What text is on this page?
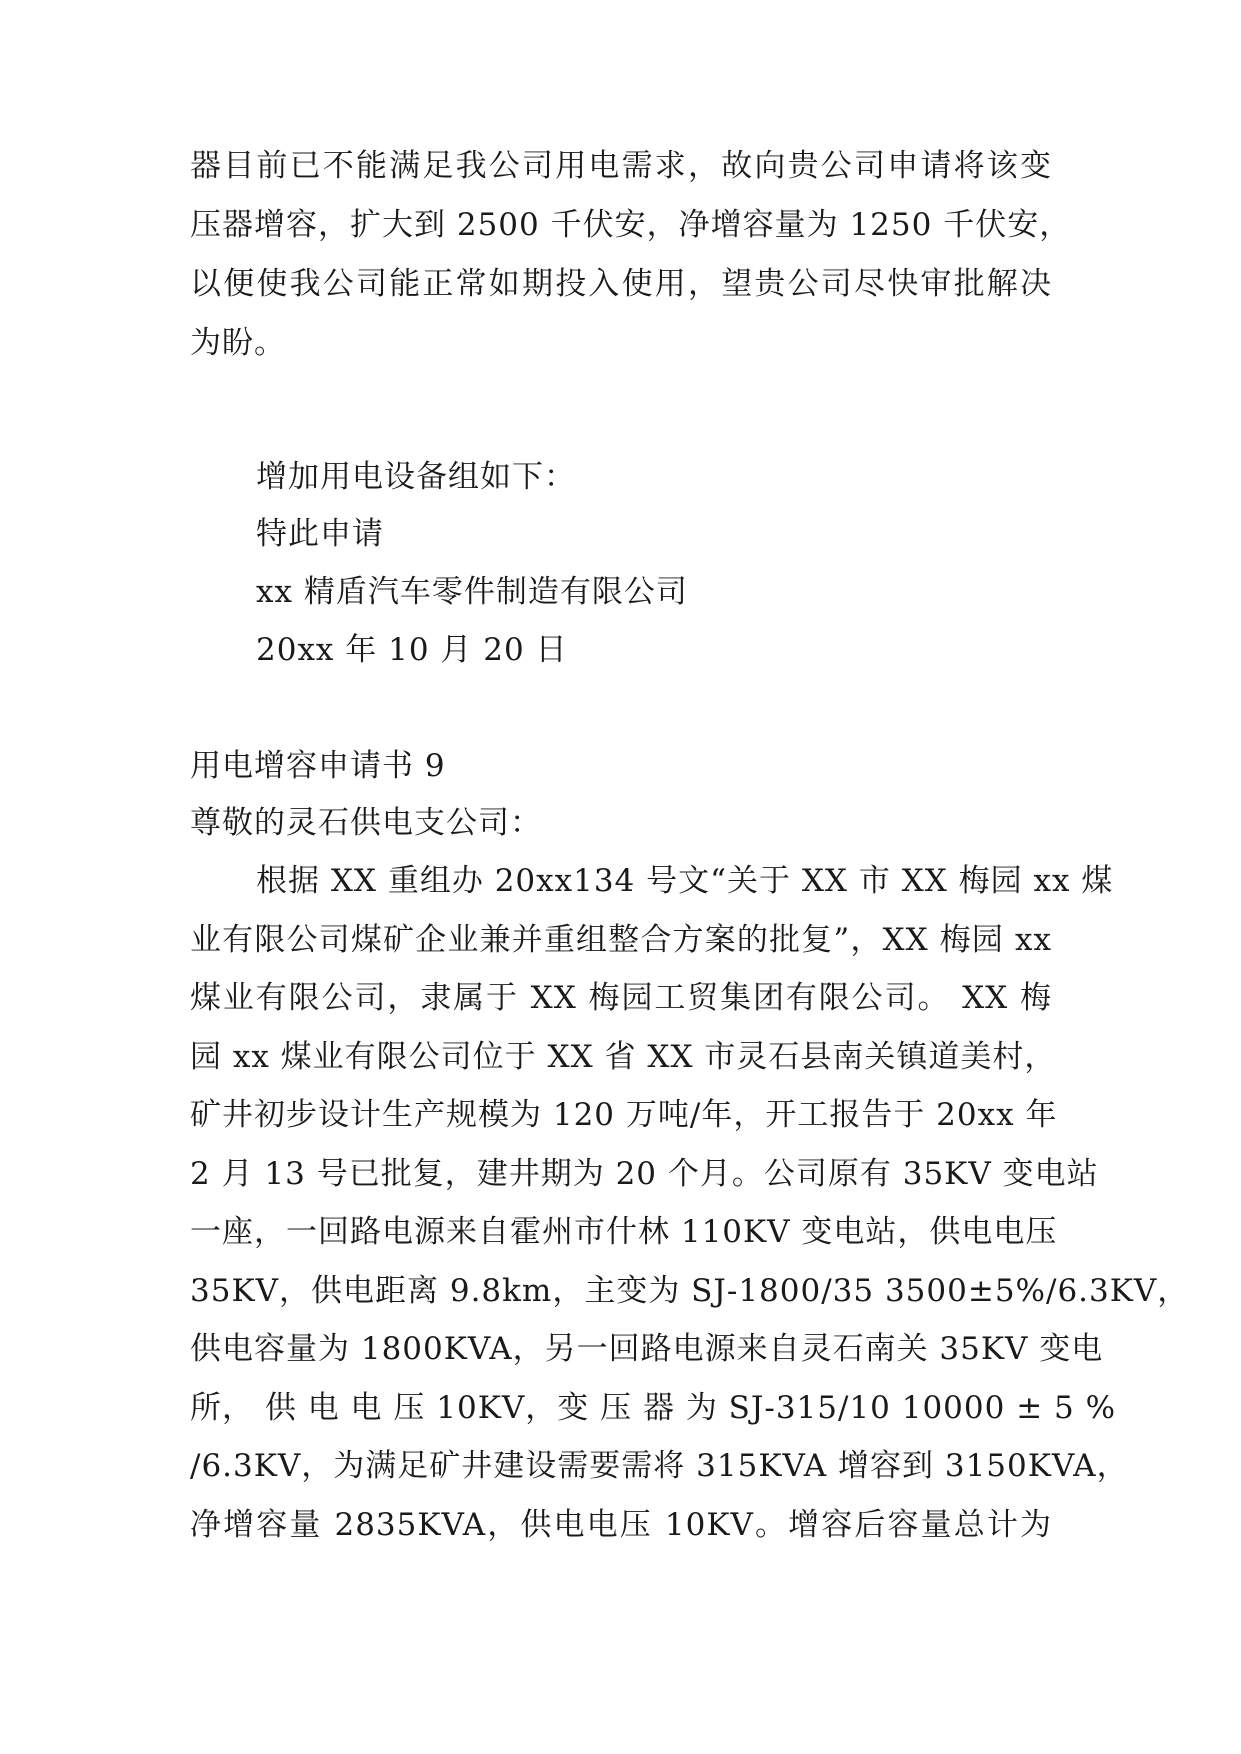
器目前已不能满足我公司用电需求，故向贵公司申请将该变
压器增容，扩大到 2500 千伏安，净增容量为 1250 千伏安，
以便使我公司能正常如期投入使用，望贵公司尽快审批解决
为盼。
增加用电设备组如下：
特此申请
xx 精盾汽车零件制造有限公司
20xx 年 10 月 20 日
用电增容申请书 9
尊敬的灵石供电支公司：
根据 XX 重组办 20xx134 号文“关于 XX 市 XX 梅园 xx 煤
业有限公司煤矿企业兼并重组整合方案的批复”，XX 梅园 xx
煤业有限公司，隶属于 XX 梅园工贸集团有限公司。 XX 梅
园 xx 煤业有限公司位于 XX 省 XX 市灵石县南关镇道美村，
矿井初步设计生产规模为 120 万吨/年，开工报告于 20xx 年
2 月 13 号已批复，建井期为 20 个月。公司原有 35KV 变电站
一座，一回路电源来自霍州市什林 110KV 变电站，供电电压
35KV，供电距离 9.8km，主变为 SJ-1800/35 3500±5%/6.3KV，
供电容量为 1800KVA，另一回路电源来自灵石南关 35KV 变电
所， 供 电 电 压 10KV，变 压 器 为 SJ-315/10 10000 ± 5 %
/6.3KV，为满足矿井建设需要需将 315KVA 增容到 3150KVA，
净增容量 2835KVA，供电电压 10KV。增容后容量总计为
